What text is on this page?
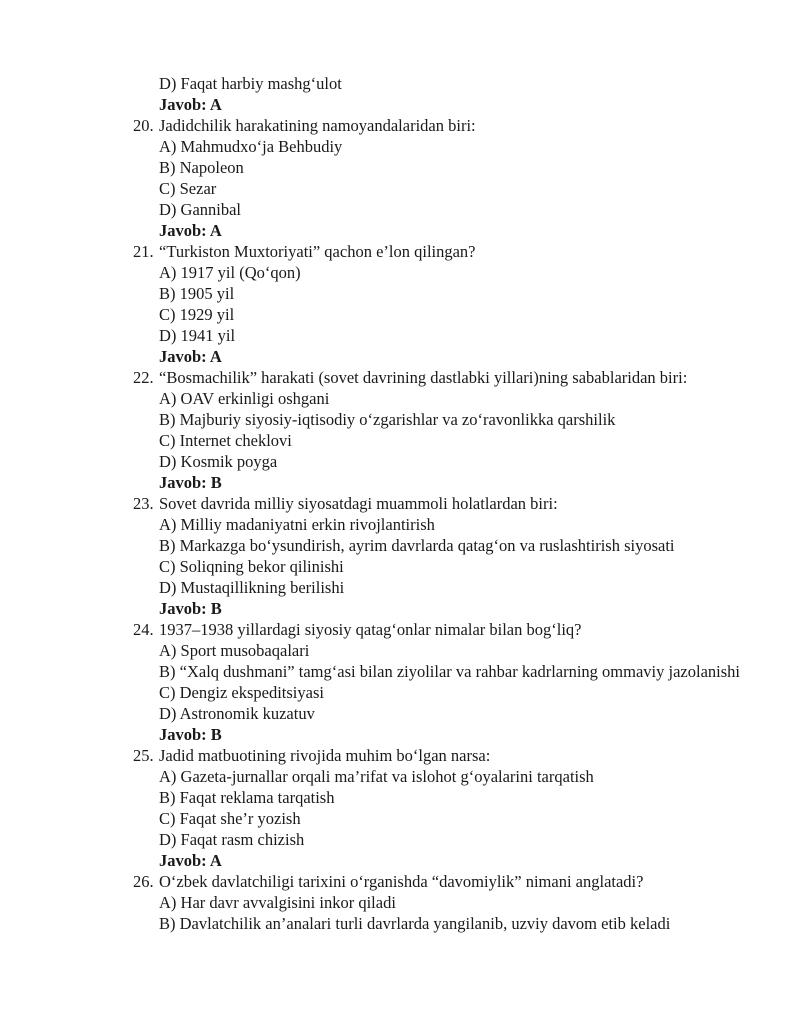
D) Faqat harbiy mashg‘ulot
Javob: A
20. Jadidchilik harakatining namoyandalaridan biri:
A) Mahmudxo‘ja Behbudiy
B) Napoleon
C) Sezar
D) Gannibal
Javob: A
21. “Turkiston Muxtoriyati” qachon e’lon qilingan?
A) 1917 yil (Qo‘qon)
B) 1905 yil
C) 1929 yil
D) 1941 yil
Javob: A
22. “Bosmachilik” harakati (sovet davrining dastlabki yillari)ning sabablaridan biri:
A) OAV erkinligi oshgani
B) Majburiy siyosiy-iqtisodiy o‘zgarishlar va zo‘ravonlikka qarshilik
C) Internet cheklovi
D) Kosmik poyga
Javob: B
23. Sovet davrida milliy siyosatdagi muammoli holatlardan biri:
A) Milliy madaniyatni erkin rivojlantirish
B) Markazga bo‘ysundirish, ayrim davrlarda qatag‘on va ruslashtirish siyosati
C) Soliqning bekor qilinishi
D) Mustaqillikning berilishi
Javob: B
24. 1937–1938 yillardagi siyosiy qatag‘onlar nimalar bilan bog‘liq?
A) Sport musobaqalari
B) “Xalq dushmani” tamg‘asi bilan ziyolilar va rahbar kadrlarning ommaviy jazolanishi
C) Dengiz ekspeditsiyasi
D) Astronomik kuzatuv
Javob: B
25. Jadid matbuotining rivojida muhim bo‘lgan narsa:
A) Gazeta-jurnallar orqali ma’rifat va islohot g‘oyalarini tarqatish
B) Faqat reklama tarqatish
C) Faqat she’r yozish
D) Faqat rasm chizish
Javob: A
26. O‘zbek davlatchiligi tarixini o‘rganishda “davomiylik” nimani anglatadi?
A) Har davr avvalgisini inkor qiladi
B) Davlatchilik an’analari turli davrlarda yangilanib, uzviy davom etib keladi
